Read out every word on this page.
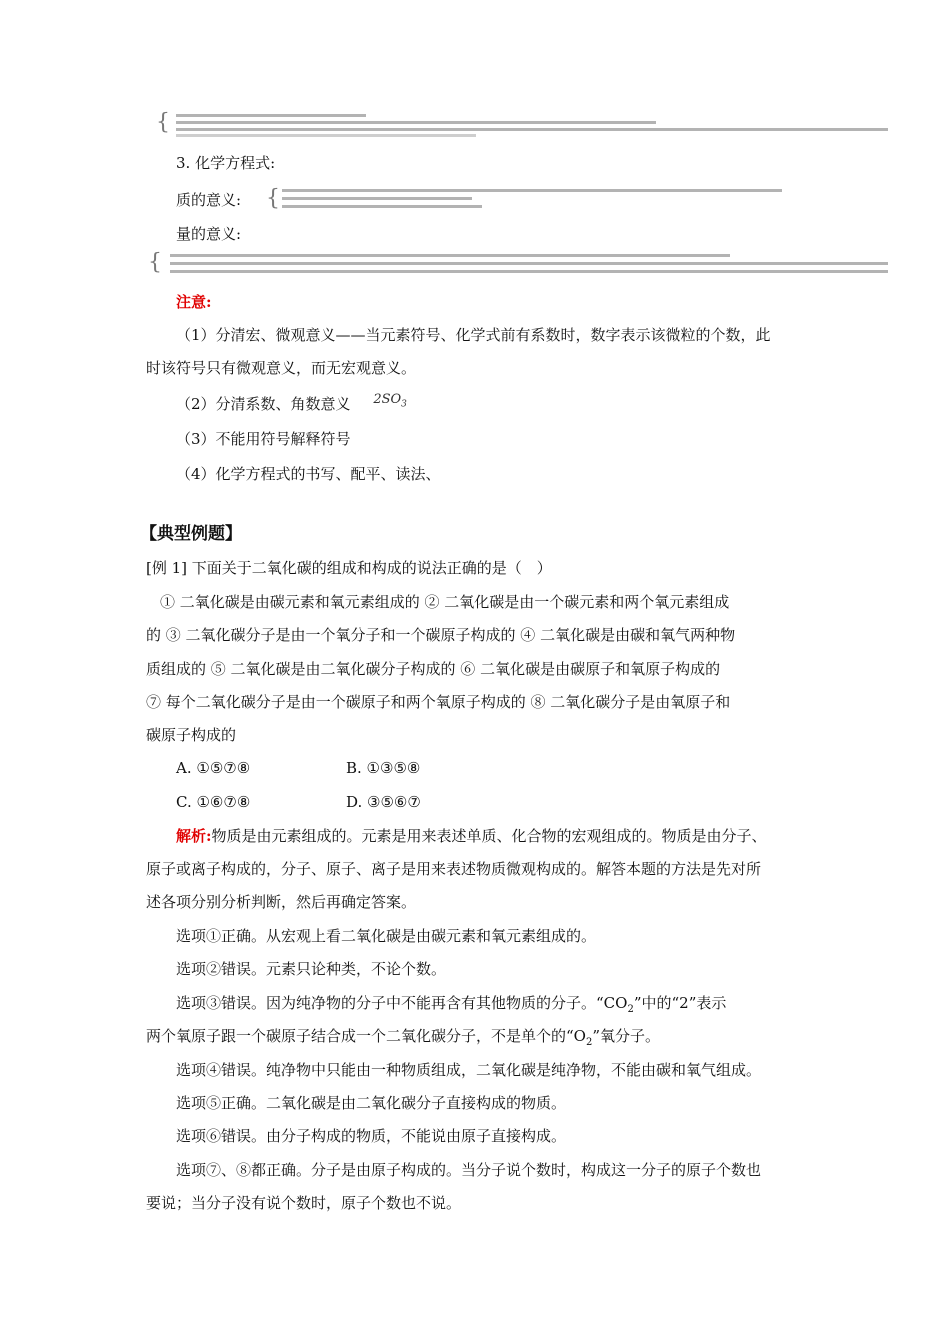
{
3. 化学方程式:
质的意义: {
量的意义:
{
注意:
（1）分清宏、微观意义——当元素符号、化学式前有系数时，数字表示该微粒的个数，此
时该符号只有微观意义，而无宏观意义。
（2）分清系数、角数意义 $2SO_3$
（3）不能用符号解释符号
（4）化学方程式的书写、配平、读法、
【典型例题】
[例 1] 下面关于二氧化碳的组成和构成的说法正确的是（　）
① 二氧化碳是由碳元素和氧元素组成的 ② 二氧化碳是由一个碳元素和两个氧元素组成
的 ③ 二氧化碳分子是由一个氧分子和一个碳原子构成的 ④ 二氧化碳是由碳和氧气两种物
质组成的 ⑤ 二氧化碳是由二氧化碳分子构成的 ⑥ 二氧化碳是由碳原子和氧原子构成的
⑦ 每个二氧化碳分子是由一个碳原子和两个氧原子构成的 ⑧ 二氧化碳分子是由氧原子和
碳原子构成的
A. ①⑤⑦⑧	B. ①③⑤⑧
C. ①⑥⑦⑧	D. ③⑤⑥⑦
解析:物质是由元素组成的。元素是用来表述单质、化合物的宏观组成的。物质是由分子、
原子或离子构成的，分子、原子、离子是用来表述物质微观构成的。解答本题的方法是先对所
述各项分别分析判断，然后再确定答案。
选项①正确。从宏观上看二氧化碳是由碳元素和氧元素组成的。
选项②错误。元素只论种类，不论个数。
选项③错误。因为纯净物的分子中不能再含有其他物质的分子。“$CO_2$”中的“2”表示
两个氧原子跟一个碳原子结合成一个二氧化碳分子，不是单个的“$O_2$”氧分子。
选项④错误。纯净物中只能由一种物质组成，二氧化碳是纯净物，不能由碳和氧气组成。
选项⑤正确。二氧化碳是由二氧化碳分子直接构成的物质。
选项⑥错误。由分子构成的物质，不能说由原子直接构成。
选项⑦、⑧都正确。分子是由原子构成的。当分子说个数时，构成这一分子的原子个数也
要说；当分子没有说个数时，原子个数也不说。
